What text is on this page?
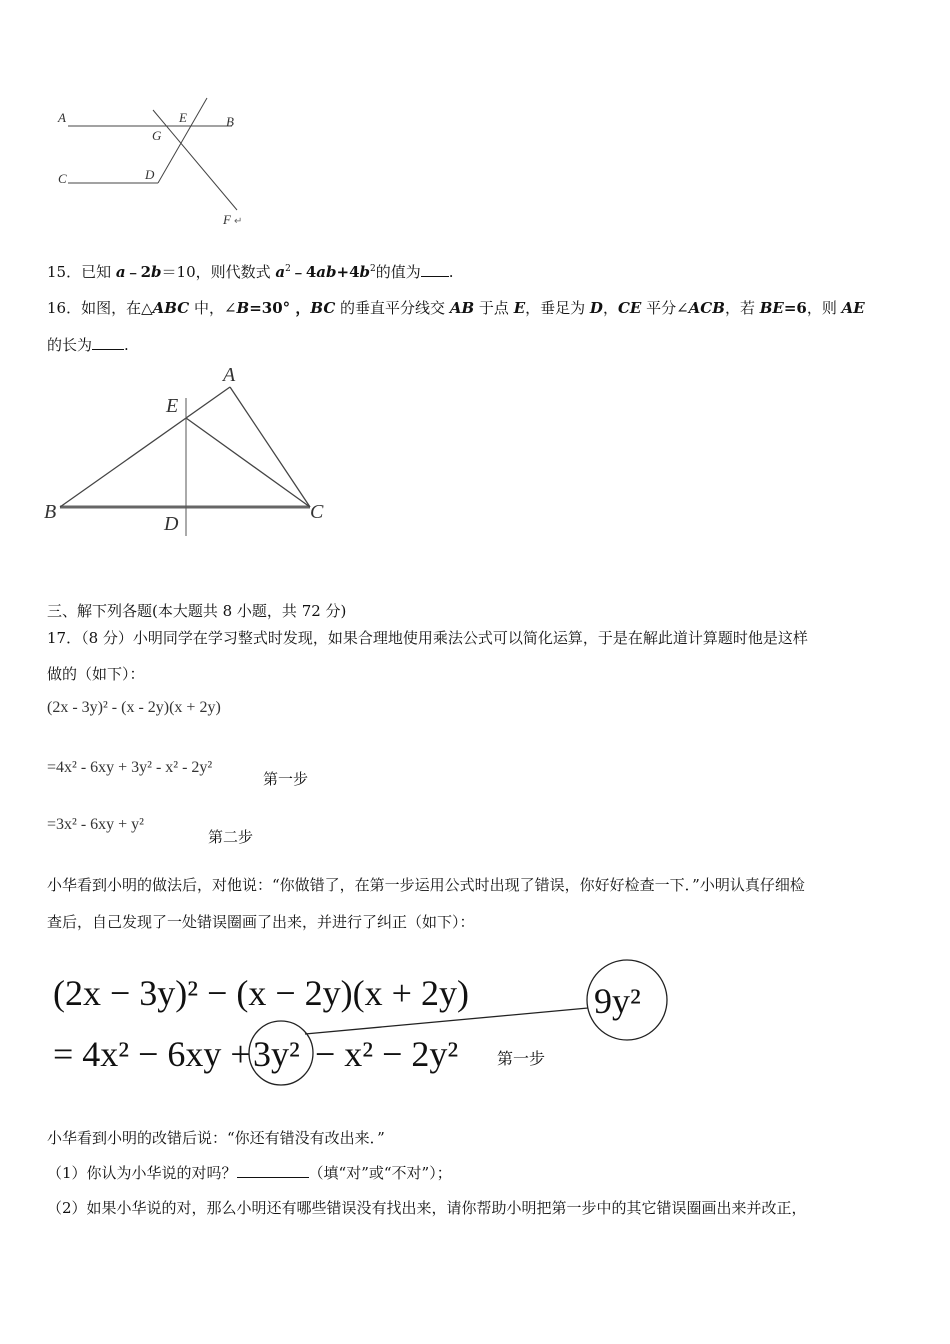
A
G
E	B
C	D
F ↵
15．已知 a﹣2b＝10，则代数式 $a^2﹣4ab+4b^2$的值为 .
16．如图，在△ABC 中，∠B=30° ，BC 的垂直平分线交 AB 于点 E，垂足为 D，CE 平分∠ACB，若 BE=6，则 AE
的长为 .
A
E
B
D
C
三、解下列各题(本大题共 8 小题，共 72 分)
17．（8 分）小明同学在学习整式时发现，如果合理地使用乘法公式可以简化运算，于是在解此道计算题时他是这样
做的（如下）：
(2x - 3y)² - (x - 2y)(x + 2y)
=4x² - 6xy + 3y² - x² - 2y²
第一步
=3x² - 6xy + y²
第二步
小华看到小明的做法后，对他说：“你做错了，在第一步运用公式时出现了错误，你好好检查一下．”小明认真仔细检
查后，自己发现了一处错误圈画了出来，并进行了纠正（如下）：
(2x − 3y)² − (x − 2y)(x + 2y)
= 4x² − 6xy + 3y² − x² − 2y²
9y²
第一步
小华看到小明的改错后说：“你还有错没有改出来．”
（1）你认为小华说的对吗？	（填“对”或“不对”）；
（2）如果小华说的对，那么小明还有哪些错误没有找出来，请你帮助小明把第一步中的其它错误圈画出来并改正，
